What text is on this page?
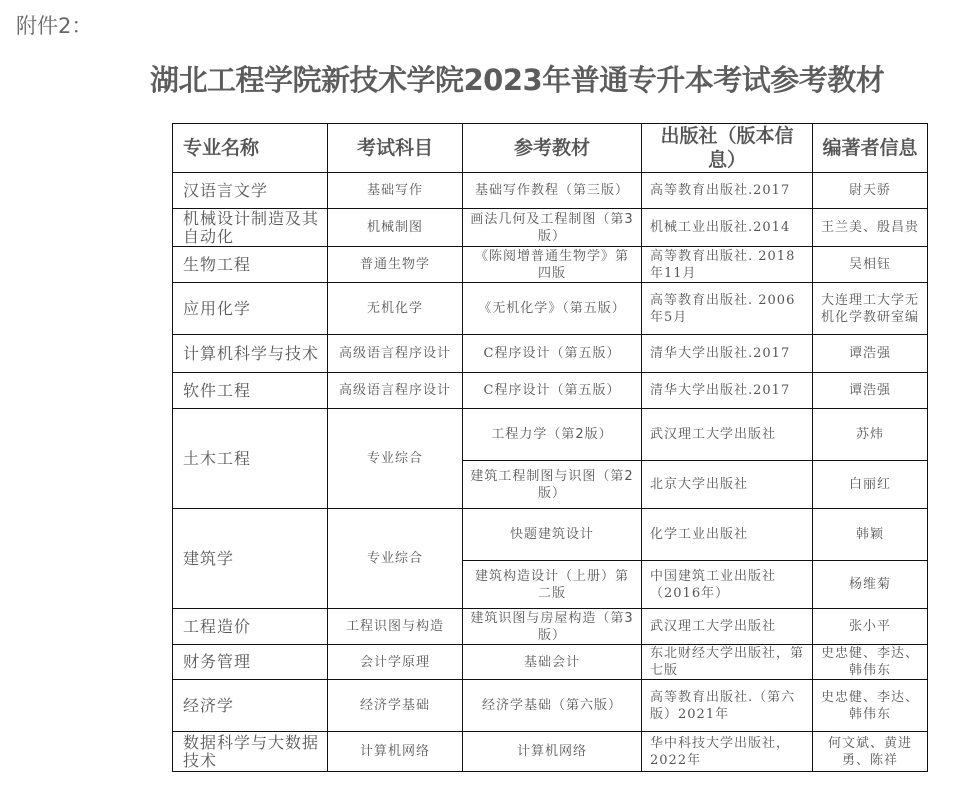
附件2：
湖北工程学院新技术学院2023年普通专升本考试参考教材
专业名称	考试科目	参考教材	出版社（版本信息）	编著者信息
汉语言文学	基础写作	基础写作教程（第三版）	高等教育出版社.2017	尉天骄
机械设计制造及其自动化	机械制图	画法几何及工程制图（第3版）	机械工业出版社.2014	王兰美、殷昌贵
生物工程	普通生物学	《陈阅增普通生物学》第四版	高等教育出版社. 2018年11月	吴相钰
应用化学	无机化学	《无机化学》（第五版）	高等教育出版社. 2006年5月	大连理工大学无机化学教研室编
计算机科学与技术	高级语言程序设计	C程序设计（第五版）	清华大学出版社.2017	谭浩强
软件工程	高级语言程序设计	C程序设计（第五版）	清华大学出版社.2017	谭浩强
土木工程	专业综合	工程力学（第2版）	武汉理工大学出版社	苏炜
		建筑工程制图与识图（第2版）	北京大学出版社	白丽红
建筑学	专业综合	快题建筑设计	化学工业出版社	韩颖
		建筑构造设计（上册）第二版	中国建筑工业出版社（2016年）	杨维菊
工程造价	工程识图与构造	建筑识图与房屋构造（第3版）	武汉理工大学出版社	张小平
财务管理	会计学原理	基础会计	东北财经大学出版社，第七版	史忠健、李达、韩伟东
经济学	经济学基础	经济学基础（第六版）	高等教育出版社.（第六版）2021年	史忠健、李达、韩伟东
数据科学与大数据技术	计算机网络	计算机网络	华中科技大学出版社，2022年	何文斌、黄进勇、陈祥
